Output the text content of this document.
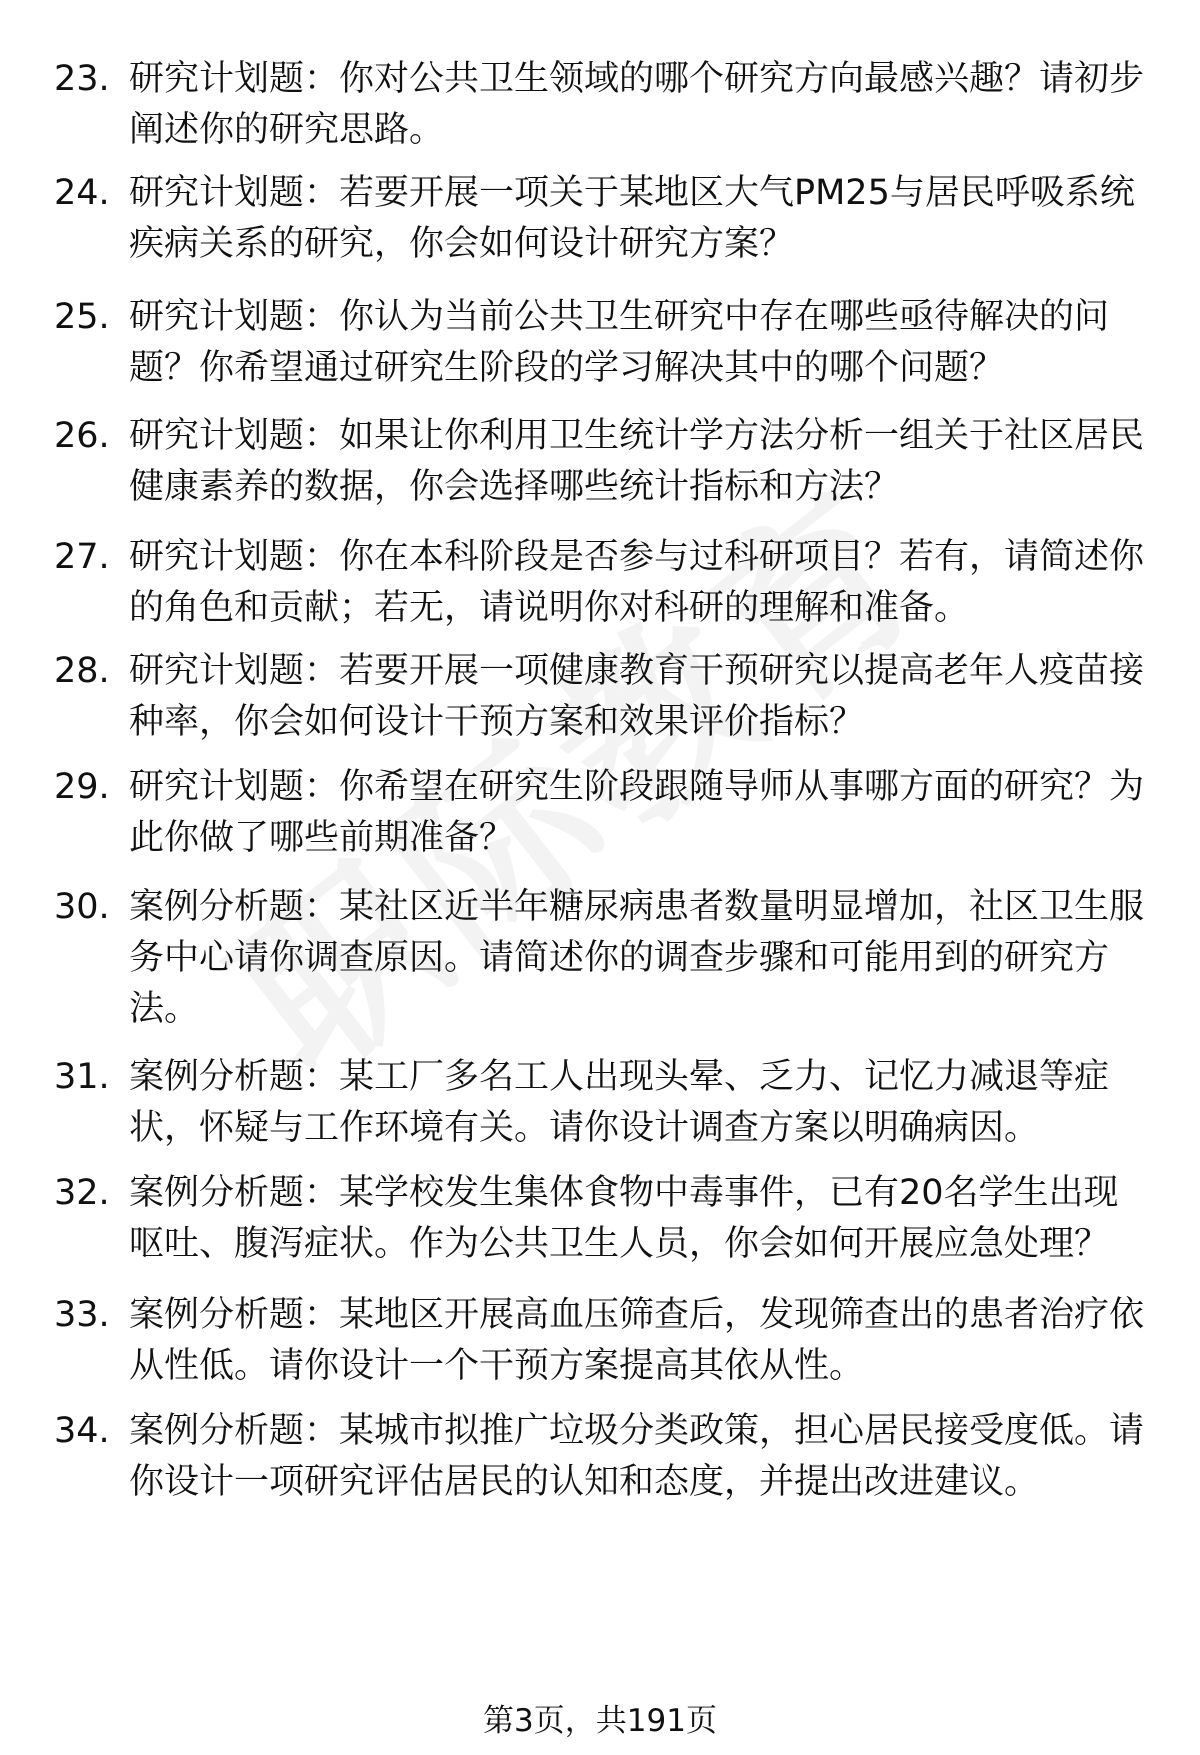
23. 研究计划题：你对公共卫生领域的哪个研究方向最感兴趣？请初步阐述你的研究思路。
24. 研究计划题：若要开展一项关于某地区大气PM25与居民呼吸系统疾病关系的研究，你会如何设计研究方案？
25. 研究计划题：你认为当前公共卫生研究中存在哪些亟待解决的问题？你希望通过研究生阶段的学习解决其中的哪个问题？
26. 研究计划题：如果让你利用卫生统计学方法分析一组关于社区居民健康素养的数据，你会选择哪些统计指标和方法？
27. 研究计划题：你在本科阶段是否参与过科研项目？若有，请简述你的角色和贡献；若无，请说明你对科研的理解和准备。
28. 研究计划题：若要开展一项健康教育干预研究以提高老年人疫苗接种率，你会如何设计干预方案和效果评价指标？
29. 研究计划题：你希望在研究生阶段跟随导师从事哪方面的研究？为此你做了哪些前期准备？
30. 案例分析题：某社区近半年糖尿病患者数量明显增加，社区卫生服务中心请你调查原因。请简述你的调查步骤和可能用到的研究方法。
31. 案例分析题：某工厂多名工人出现头晕、乏力、记忆力减退等症状，怀疑与工作环境有关。请你设计调查方案以明确病因。
32. 案例分析题：某学校发生集体食物中毒事件，已有20名学生出现呕吐、腹泻症状。作为公共卫生人员，你会如何开展应急处理？
33. 案例分析题：某地区开展高血压筛查后，发现筛查出的患者治疗依从性低。请你设计一个干预方案提高其依从性。
34. 案例分析题：某城市拟推广垃圾分类政策，担心居民接受度低。请你设计一项研究评估居民的认知和态度，并提出改进建议。
第3页，共191页
